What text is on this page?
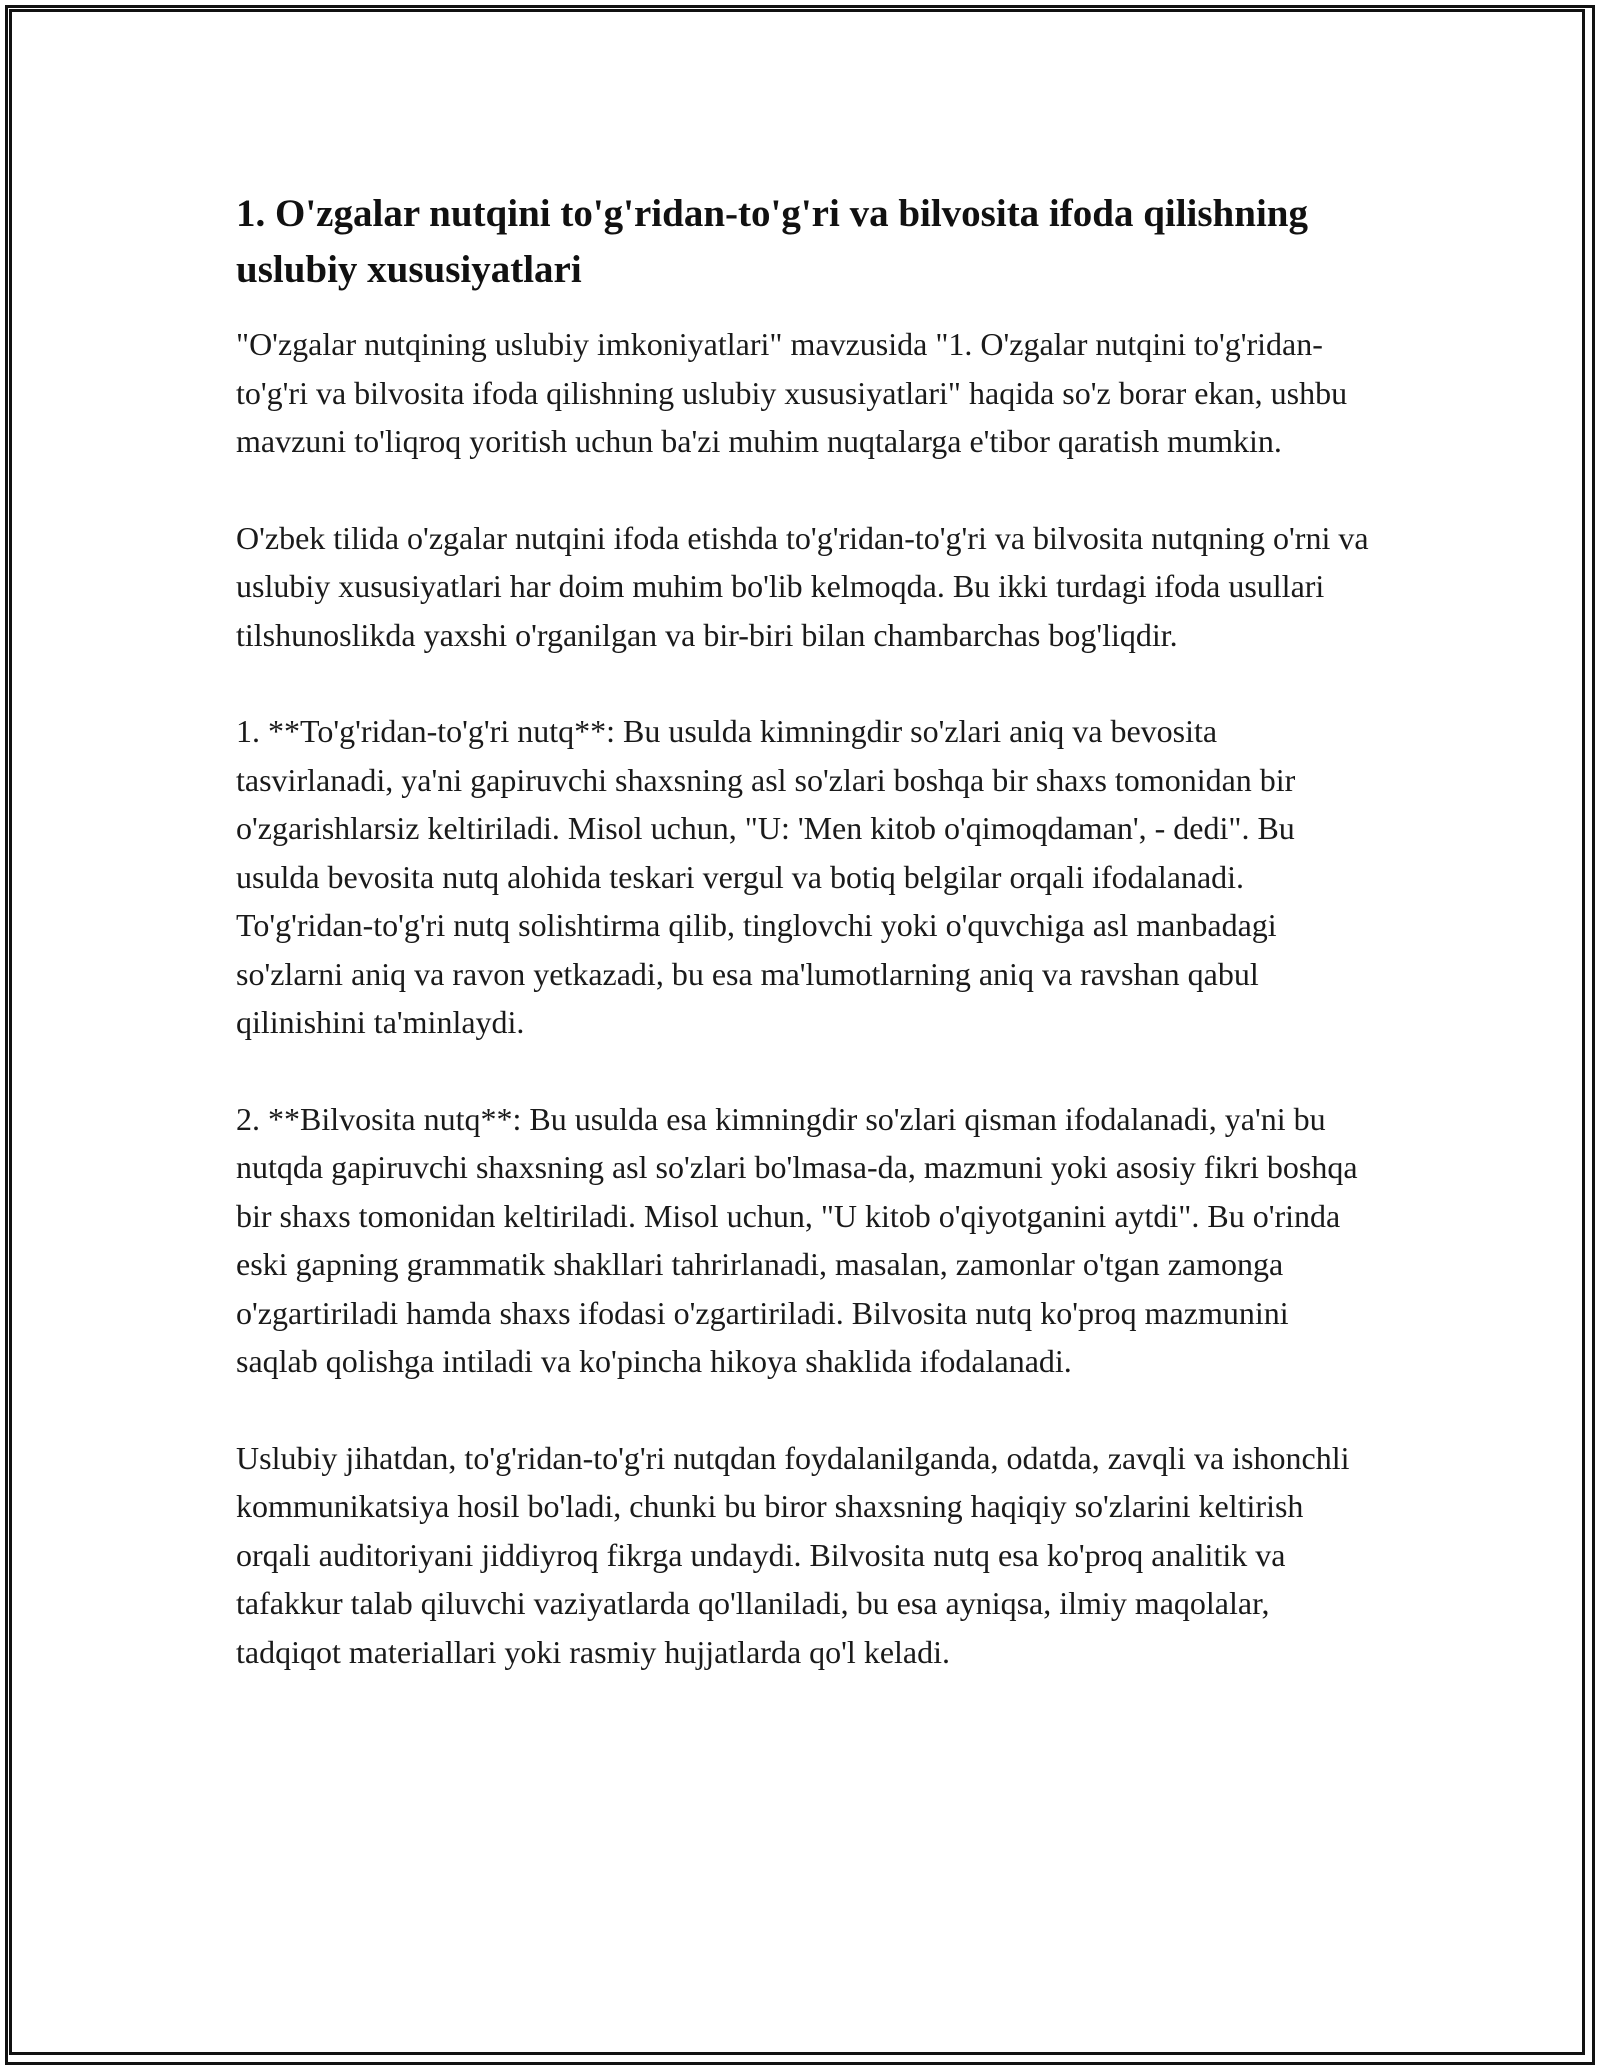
1. O'zgalar nutqini to'g'ridan-to'g'ri va bilvosita ifoda qilishning uslubiy xususiyatlari

"O'zgalar nutqining uslubiy imkoniyatlari" mavzusida "1. O'zgalar nutqini to'g'ridan-to'g'ri va bilvosita ifoda qilishning uslubiy xususiyatlari" haqida so'z borar ekan, ushbu mavzuni to'liqroq yoritish uchun ba'zi muhim nuqtalarga e'tibor qaratish mumkin.

O'zbek tilida o'zgalar nutqini ifoda etishda to'g'ridan-to'g'ri va bilvosita nutqning o'rni va uslubiy xususiyatlari har doim muhim bo'lib kelmoqda. Bu ikki turdagi ifoda usullari tilshunoslikda yaxshi o'rganilgan va bir-biri bilan chambarchas bog'liqdir.

1. **To'g'ridan-to'g'ri nutq**: Bu usulda kimningdir so'zlari aniq va bevosita tasvirlanadi, ya'ni gapiruvchi shaxsning asl so'zlari boshqa bir shaxs tomonidan bir o'zgarishlarsiz keltiriladi. Misol uchun, "U: 'Men kitob o'qimoqdaman', - dedi". Bu usulda bevosita nutq alohida teskari vergul va botiq belgilar orqali ifodalanadi. To'g'ridan-to'g'ri nutq solishtirma qilib, tinglovchi yoki o'quvchiga asl manbadagi so'zlarni aniq va ravon yetkazadi, bu esa ma'lumotlarning aniq va ravshan qabul qilinishini ta'minlaydi.

2. **Bilvosita nutq**: Bu usulda esa kimningdir so'zlari qisman ifodalanadi, ya'ni bu nutqda gapiruvchi shaxsning asl so'zlari bo'lmasa-da, mazmuni yoki asosiy fikri boshqa bir shaxs tomonidan keltiriladi. Misol uchun, "U kitob o'qiyotganini aytdi". Bu o'rinda eski gapning grammatik shakllari tahrirlanadi, masalan, zamonlar o'tgan zamonga o'zgartiriladi hamda shaxs ifodasi o'zgartiriladi. Bilvosita nutq ko'proq mazmunini saqlab qolishga intiladi va ko'pincha hikoya shaklida ifodalanadi.

Uslubiy jihatdan, to'g'ridan-to'g'ri nutqdan foydalanilganda, odatda, zavqli va ishonchli kommunikatsiya hosil bo'ladi, chunki bu biror shaxsning haqiqiy so'zlarini keltirish orqali auditoriyani jiddiyroq fikrga undaydi. Bilvosita nutq esa ko'proq analitik va tafakkur talab qiluvchi vaziyatlarda qo'llaniladi, bu esa ayniqsa, ilmiy maqolalar, tadqiqot materiallari yoki rasmiy hujjatlarda qo'l keladi.
